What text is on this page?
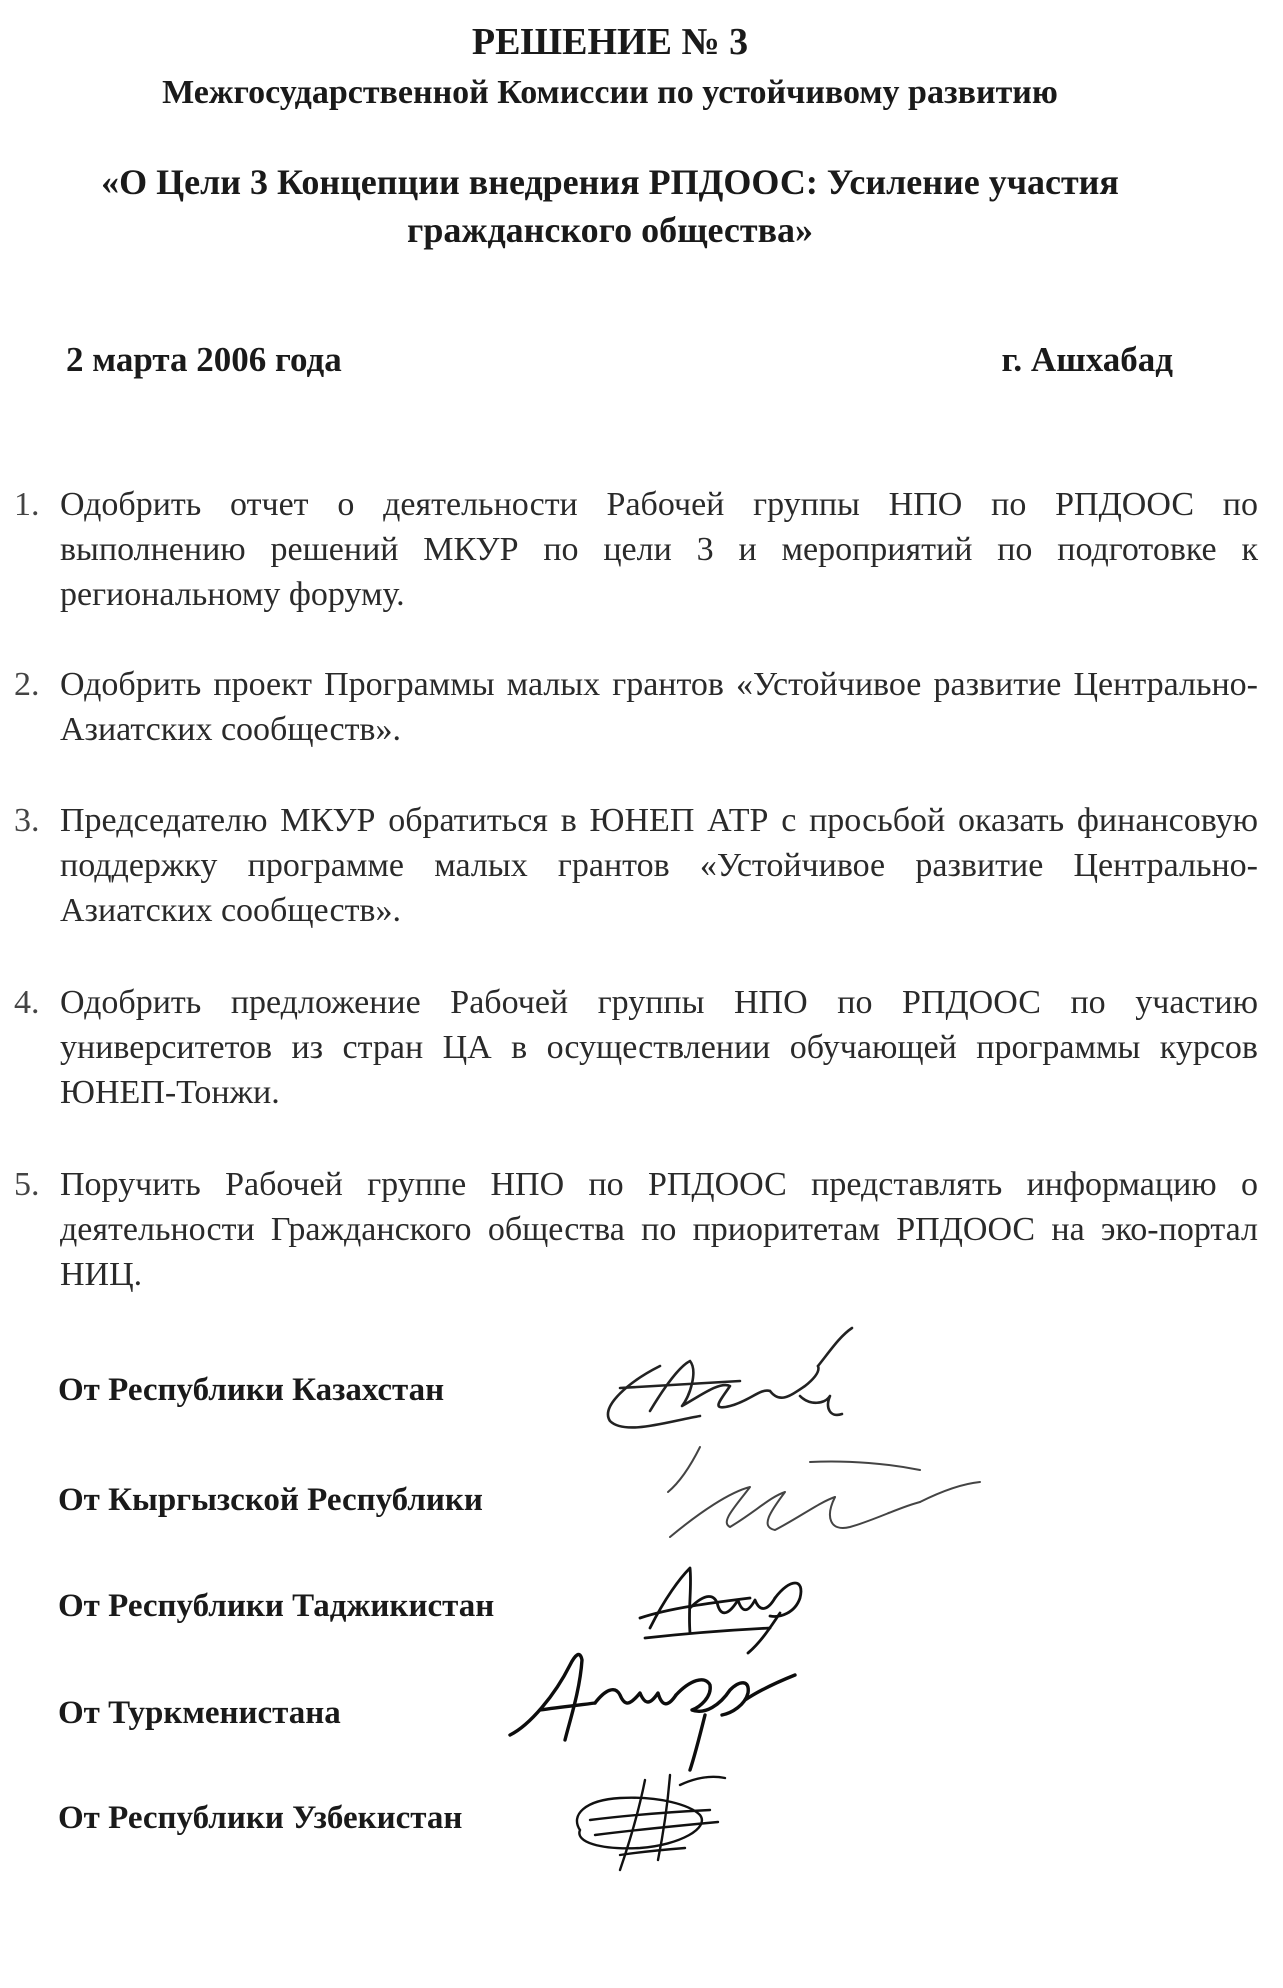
РЕШЕНИЕ № 3
Межгосударственной Комиссии по устойчивому развитию
«О Цели 3 Концепции внедрения РПДООС: Усиление участия гражданского общества»
2 марта 2006 года	г. Ашхабад
1. Одобрить отчет о деятельности Рабочей группы НПО по РПДООС по выполнению решений МКУР по цели 3 и мероприятий по подготовке к региональному форуму.
2. Одобрить проект Программы малых грантов «Устойчивое развитие Центрально-Азиатских сообществ».
3. Председателю МКУР обратиться в ЮНЕП АТР с просьбой оказать финансовую поддержку программе малых грантов «Устойчивое развитие Центрально-Азиатских сообществ».
4. Одобрить предложение Рабочей группы НПО по РПДООС по участию университетов из стран ЦА в осуществлении обучающей программы курсов ЮНЕП-Тонжи.
5. Поручить Рабочей группе НПО по РПДООС представлять информацию о деятельности Гражданского общества по приоритетам РПДООС на эко-портал НИЦ.
От Республики Казахстан
От Кыргызской Республики
От Республики Таджикистан
От Туркменистана
От Республики Узбекистан
